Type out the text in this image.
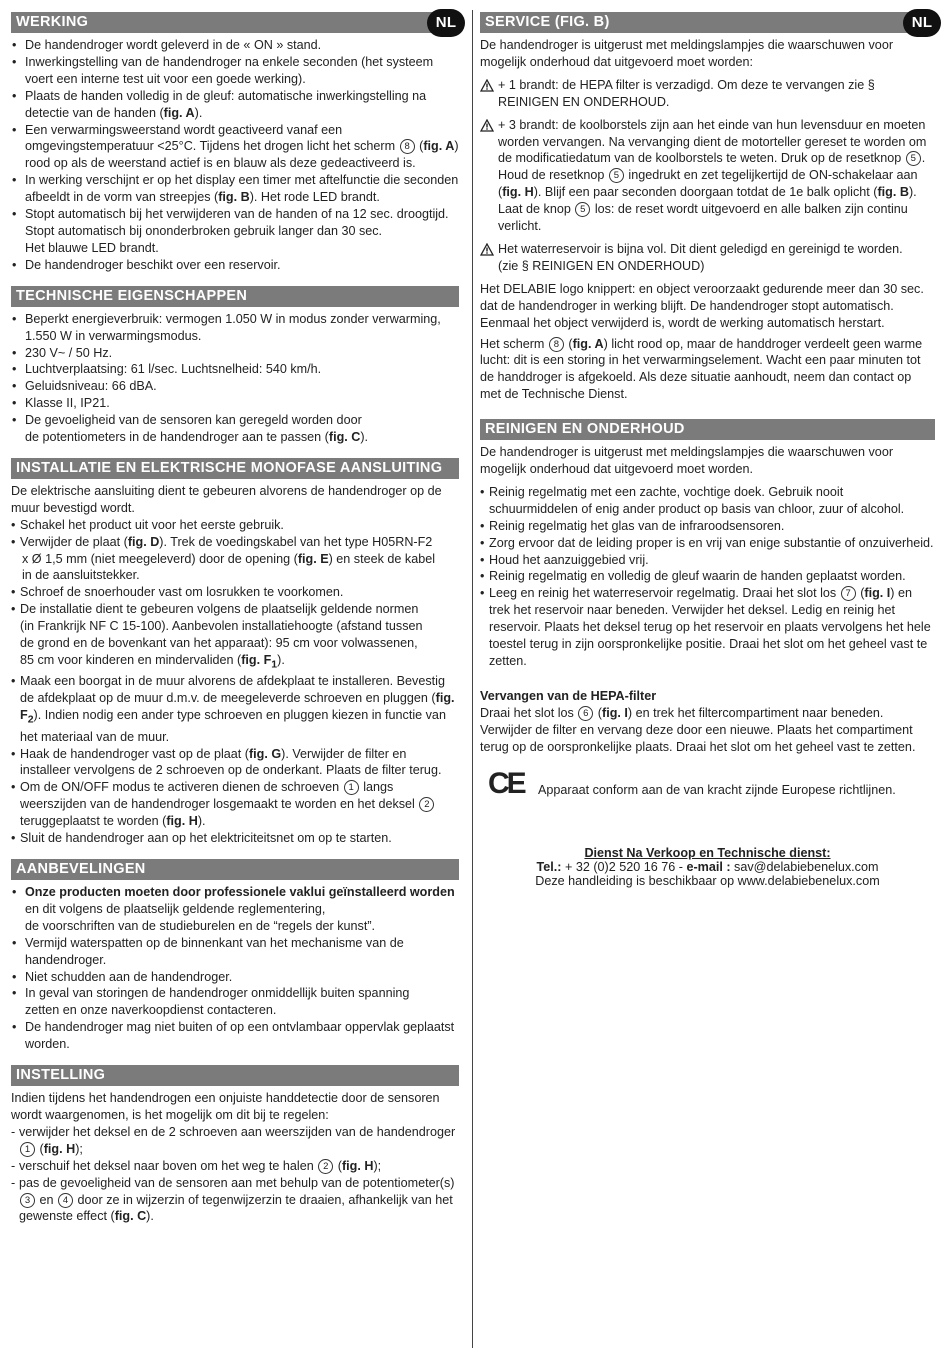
WERKING	NL
• De handendroger wordt geleverd in de « ON » stand.
• Inwerkingstelling van de handendroger na enkele seconden (het systeem voert een interne test uit voor een goede werking).
• Plaats de handen volledig in de gleuf: automatische inwerkingstelling na detectie van de handen (fig. A).
• Een verwarmingsweerstand wordt geactiveerd vanaf een omgevingstemperatuur <25°C. Tijdens het drogen licht het scherm 8 (fig. A) rood op als de weerstand actief is en blauw als deze gedeactiveerd is.
• In werking verschijnt er op het display een timer met aftelfunctie die seconden afbeeldt in de vorm van streepjes (fig. B). Het rode LED brandt.
• Stopt automatisch bij het verwijderen van de handen of na 12 sec. droogtijd.
Stopt automatisch bij ononderbroken gebruik langer dan 30 sec.
Het blauwe LED brandt.
• De handendroger beschikt over een reservoir.
TECHNISCHE EIGENSCHAPPEN
• Beperkt energieverbruik: vermogen 1.050 W in modus zonder verwarming, 1.550 W in verwarmingsmodus.
• 230 V~ / 50 Hz.
• Luchtverplaatsing: 61 l/sec. Luchtsnelheid: 540 km/h.
• Geluidsniveau: 66 dBA.
• Klasse II, IP21.
• De gevoeligheid van de sensoren kan geregeld worden door
de potentiometers in de handendroger aan te passen (fig. C).
INSTALLATIE EN ELEKTRISCHE MONOFASE AANSLUITING

De elektrische aansluiting dient te gebeuren alvorens de handendroger op de muur bevestigd wordt.

• Schakel het product uit voor het eerste gebruik.
• Verwijder de plaat (fig. D). Trek de voedingskabel van het type H05RN-F2
x Ø 1,5 mm (niet meegeleverd) door de opening (fig. E) en steek de kabel
in de aansluitstekker.
• Schroef de snoerhouder vast om losrukken te voorkomen.
• De installatie dient te gebeuren volgens de plaatselijk geldende normen
(in Frankrijk NF C 15-100). Aanbevolen installatiehoogte (afstand tussen
de grond en de bovenkant van het apparaat): 95 cm voor volwassenen,
85 cm voor kinderen en mindervaliden (fig. $F_1$).
• Maak een boorgat in de muur alvorens de afdekplaat te installeren. Bevestig de afdekplaat op de muur d.m.v. de meegeleverde schroeven en pluggen (fig. $F_2$). Indien nodig een ander type schroeven en pluggen kiezen in functie van het materiaal van de muur.
• Haak de handendroger vast op de plaat (fig. G). Verwijder de filter en installeer vervolgens de 2 schroeven op de onderkant. Plaats de filter terug.
• Om de ON/OFF modus te activeren dienen de schroeven 1 langs weerszijden van de handendroger losgemaakt te worden en het deksel 2 teruggeplaatst te worden (fig. H).
• Sluit de handendroger aan op het elektriciteitsnet om op te starten.
AANBEVELINGEN
• Onze producten moeten door professionele vaklui geïnstalleerd worden en dit volgens de plaatselijk geldende reglementering,
de voorschriften van de studieburelen en de “regels der kunst”.
• Vermijd waterspatten op de binnenkant van het mechanisme van de handendroger.
• Niet schudden aan de handendroger.
• In geval van storingen de handendroger onmiddellijk buiten spanning
zetten en onze naverkoopdienst contacteren.
• De handendroger mag niet buiten of op een ontvlambaar oppervlak geplaatst worden.
INSTELLING

Indien tijdens het handendrogen een onjuiste handdetectie door de sensoren wordt waargenomen, is het mogelijk om dit bij te regelen:

- verwijder het deksel en de 2 schroeven aan weerszijden van de handendroger
1 (fig. H);
- verschuif het deksel naar boven om het weg te halen 2 (fig. H);
- pas de gevoeligheid van de sensoren aan met behulp van de potentiometer(s)
3 en 4 door ze in wijzerzin of tegenwijzerzin te draaien, afhankelijk van het gewenste effect (fig. C).
SERVICE (FIG. B)	NL

De handendroger is uitgerust met meldingslampjes die waarschuwen voor mogelijk onderhoud dat uitgevoerd moet worden:

+ 1 brandt: de HEPA filter is verzadigd. Om deze te vervangen zie §
REINIGEN EN ONDERHOUD.
+ 3 brandt: de koolborstels zijn aan het einde van hun levensduur en moeten worden vervangen. Na vervanging dient de motorteller gereset te worden om de modificatiedatum van de koolborstels te weten. Druk op de resetknop 5 . Houd de resetknop 5 ingedrukt en zet tegelijkertijd de ON-schakelaar aan (fig. H). Blijf een paar seconden doorgaan totdat de 1e balk oplicht (fig. B). Laat de knop 5 los: de reset wordt uitgevoerd en alle balken zijn continu verlicht.
Het waterreservoir is bijna vol. Dit dient geledigd en gereinigd te worden.
(zie § REINIGEN EN ONDERHOUD)

Het DELABIE logo knippert: en object veroorzaakt gedurende meer dan 30 sec. dat de handendroger in werking blijft. De handendroger stopt automatisch. Eenmaal het object verwijderd is, wordt de werking automatisch herstart.

Het scherm 8 (fig. A) licht rood op, maar de handdroger verdeelt geen warme lucht: dit is een storing in het verwarmingselement. Wacht een paar minuten tot de handdroger is afgekoeld. Als deze situatie aanhoudt, neem dan contact op met de Technische Dienst.

REINIGEN EN ONDERHOUD

De handendroger is uitgerust met meldingslampjes die waarschuwen voor mogelijk onderhoud dat uitgevoerd moet worden.

• Reinig regelmatig met een zachte, vochtige doek. Gebruik nooit schuurmiddelen of enig ander product op basis van chloor, zuur of alcohol.
• Reinig regelmatig het glas van de infraroodsensoren.
• Zorg ervoor dat de leiding proper is en vrij van enige substantie of onzuiverheid.
• Houd het aanzuiggebied vrij.
• Reinig regelmatig en volledig de gleuf waarin de handen geplaatst worden.
• Leeg en reinig het waterreservoir regelmatig. Draai het slot los 7 (fig. I) en trek het reservoir naar beneden. Verwijder het deksel. Ledig en reinig het reservoir. Plaats het deksel terug op het reservoir en plaats vervolgens het hele toestel terug in zijn oorspronkelijke positie. Draai het slot om het geheel vast te zetten.

Vervangen van de HEPA-filter

Draai het slot los 6 (fig. I) en trek het filtercompartiment naar beneden. Verwijder de filter en vervang deze door een nieuwe. Plaats het compartiment terug op de oorspronkelijke plaats. Draai het slot om het geheel vast te zetten.

CE Apparaat conform aan de van kracht zijnde Europese richtlijnen.
Dienst Na Verkoop en Technische dienst:
Tel.: + 32 (0)2 520 16 76 - e-mail : sav@delabiebenelux.com
Deze handleiding is beschikbaar op www.delabiebenelux.com
